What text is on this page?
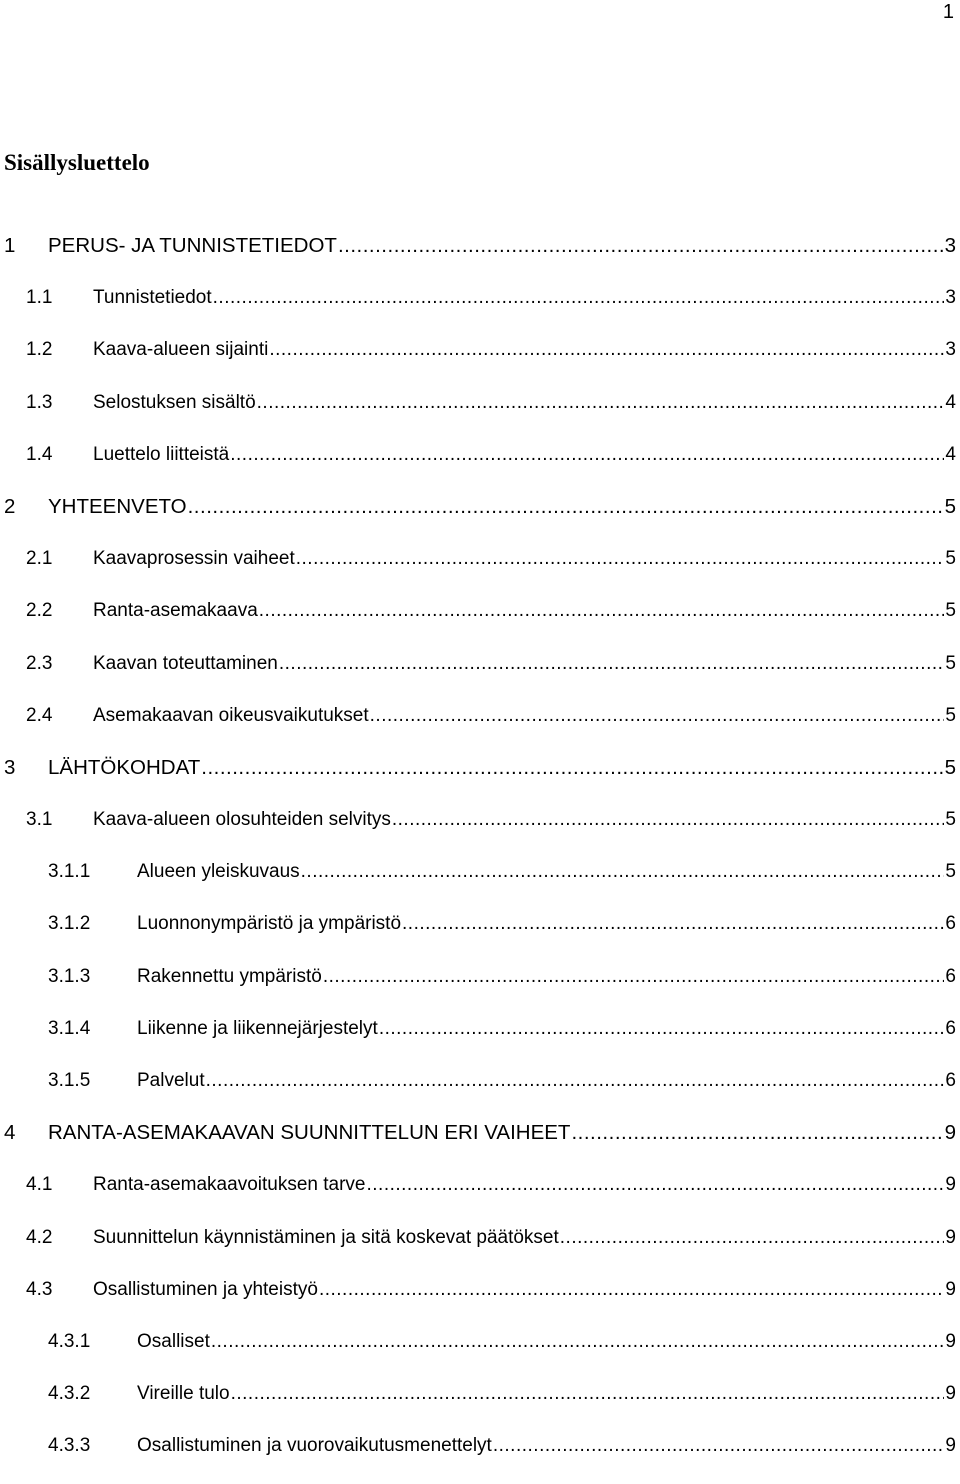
1
Sisällysluettelo
1 PERUS- JA TUNNISTETIEDOT .....	3
1.1 Tunnistetiedot .....	3
1.2 Kaava-alueen sijainti .....	3
1.3 Selostuksen sisältö .....	4
1.4 Luettelo liitteistä .....	4
2 YHTEENVETO .....	5
2.1 Kaavaprosessin vaiheet .....	5
2.2 Ranta-asemakaava .....	5
2.3 Kaavan toteuttaminen .....	5
2.4 Asemakaavan oikeusvaikutukset .....	5
3 LÄHTÖKOHDAT .....	5
3.1 Kaava-alueen olosuhteiden selvitys .....	5
3.1.1 Alueen yleiskuvaus .....	5
3.1.2 Luonnonympäristö ja ympäristö .....	6
3.1.3 Rakennettu ympäristö .....	6
3.1.4 Liikenne ja liikennejärjestelyt .....	6
3.1.5 Palvelut .....	6
4 RANTA-ASEMAKAAVAN SUUNNITTELUN ERI VAIHEET .....	9
4.1 Ranta-asemakaavoituksen tarve .....	9
4.2 Suunnittelun käynnistäminen ja sitä koskevat päätökset .....	9
4.3 Osallistuminen ja yhteistyö .....	9
4.3.1 Osalliset .....	9
4.3.2 Vireille tulo .....	9
4.3.3 Osallistuminen ja vuorovaikutusmenettelyt .....	9
